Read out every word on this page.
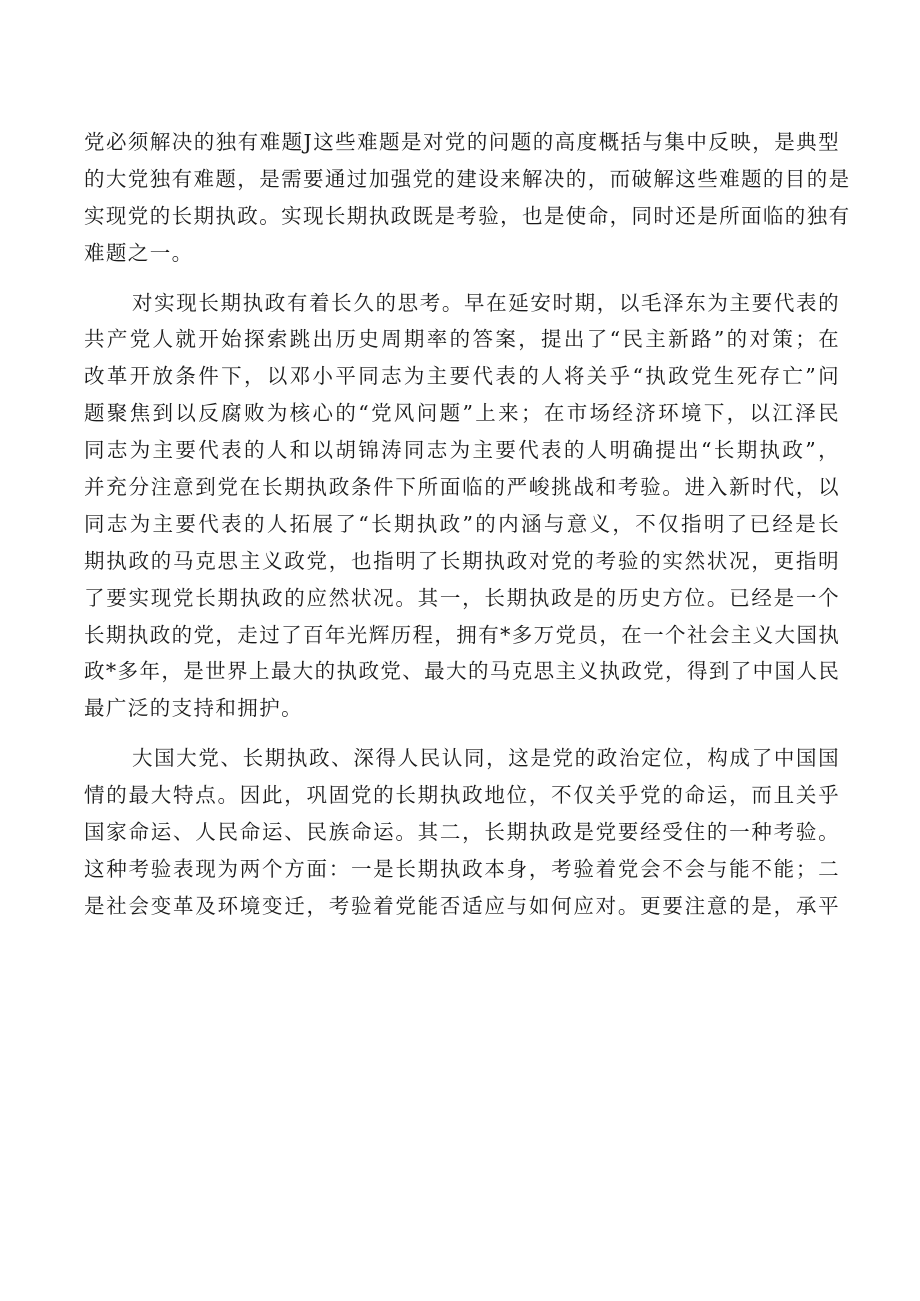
党必须解决的独有难题J这些难题是对党的问题的高度概括与集中反映，是典型
的大党独有难题，是需要通过加强党的建设来解决的，而破解这些难题的目的是
实现党的长期执政。实现长期执政既是考验，也是使命，同时还是所面临的独有
难题之一。
对实现长期执政有着长久的思考。早在延安时期，以毛泽东为主要代表的
共产党人就开始探索跳出历史周期率的答案，提出了“民主新路”的对策；在
改革开放条件下，以邓小平同志为主要代表的人将关乎“执政党生死存亡”问
题聚焦到以反腐败为核心的“党风问题”上来；在市场经济环境下，以江泽民
同志为主要代表的人和以胡锦涛同志为主要代表的人明确提出“长期执政”，
并充分注意到党在长期执政条件下所面临的严峻挑战和考验。进入新时代，以
同志为主要代表的人拓展了“长期执政”的内涵与意义，不仅指明了已经是长
期执政的马克思主义政党，也指明了长期执政对党的考验的实然状况，更指明
了要实现党长期执政的应然状况。其一，长期执政是的历史方位。已经是一个
长期执政的党，走过了百年光辉历程，拥有*多万党员，在一个社会主义大国执
政*多年，是世界上最大的执政党、最大的马克思主义执政党，得到了中国人民
最广泛的支持和拥护。
大国大党、长期执政、深得人民认同，这是党的政治定位，构成了中国国
情的最大特点。因此，巩固党的长期执政地位，不仅关乎党的命运，而且关乎
国家命运、人民命运、民族命运。其二，长期执政是党要经受住的一种考验。
这种考验表现为两个方面：一是长期执政本身，考验着党会不会与能不能；二
是社会变革及环境变迁，考验着党能否适应与如何应对。更要注意的是，承平
